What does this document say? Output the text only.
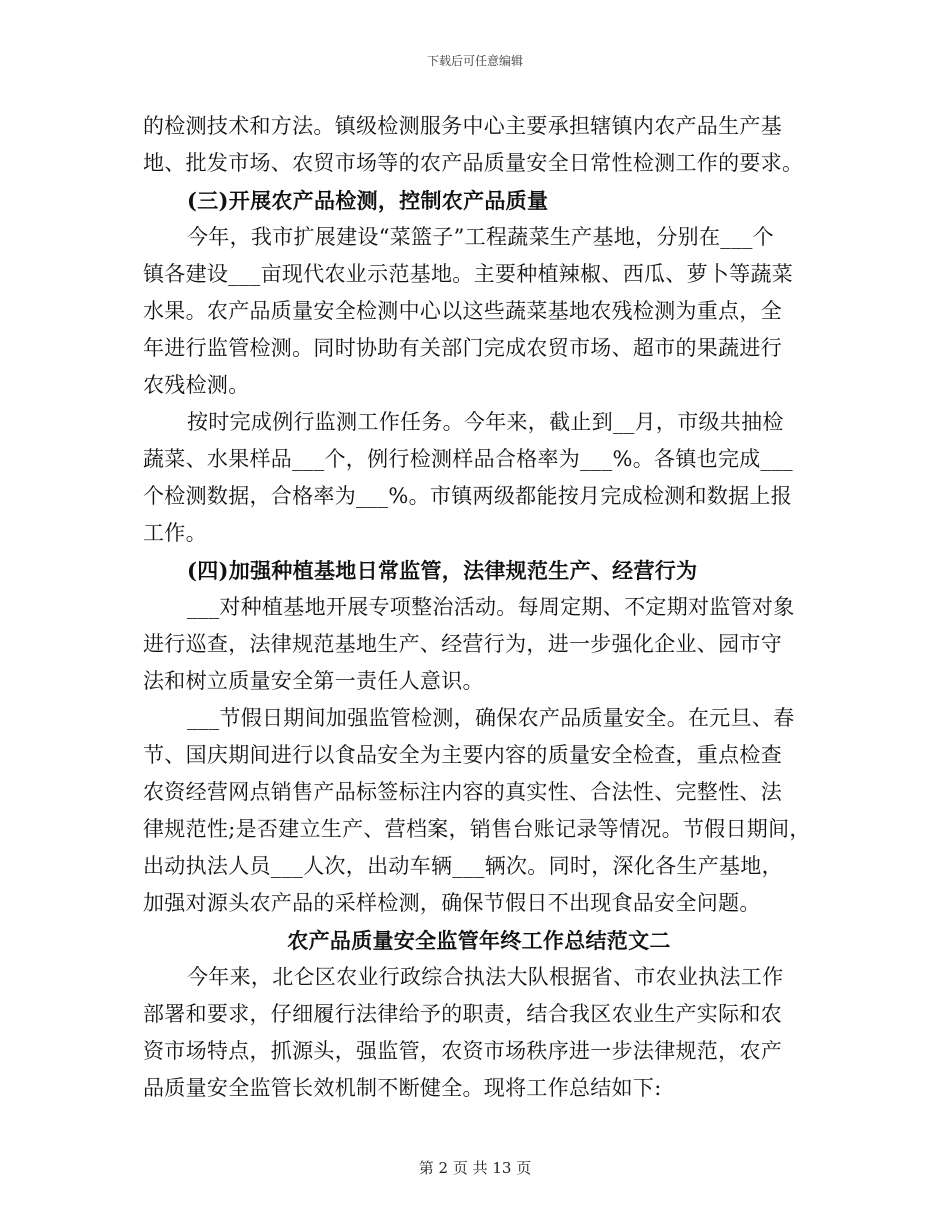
下载后可任意编辑
的检测技术和方法。镇级检测服务中心主要承担辖镇内农产品生产基
地、批发市场、农贸市场等的农产品质量安全日常性检测工作的要求。
(三)开展农产品检测，控制农产品质量
今年，我市扩展建设“菜篮子”工程蔬菜生产基地，分别在___个
镇各建设___亩现代农业示范基地。主要种植辣椒、西瓜、萝卜等蔬菜
水果。农产品质量安全检测中心以这些蔬菜基地农残检测为重点，全
年进行监管检测。同时协助有关部门完成农贸市场、超市的果蔬进行
农残检测。
按时完成例行监测工作任务。今年来，截止到__月，市级共抽检
蔬菜、水果样品___个，例行检测样品合格率为___%。各镇也完成___
个检测数据，合格率为___%。市镇两级都能按月完成检测和数据上报
工作。
(四)加强种植基地日常监管，法律规范生产、经营行为
___对种植基地开展专项整治活动。每周定期、不定期对监管对象
进行巡查，法律规范基地生产、经营行为，进一步强化企业、园市守
法和树立质量安全第一责任人意识。
___节假日期间加强监管检测，确保农产品质量安全。在元旦、春
节、国庆期间进行以食品安全为主要内容的质量安全检查，重点检查
农资经营网点销售产品标签标注内容的真实性、合法性、完整性、法
律规范性;是否建立生产、营档案，销售台账记录等情况。节假日期间，
出动执法人员___人次，出动车辆___辆次。同时，深化各生产基地，
加强对源头农产品的采样检测，确保节假日不出现食品安全问题。
农产品质量安全监管年终工作总结范文二
今年来，北仑区农业行政综合执法大队根据省、市农业执法工作
部署和要求，仔细履行法律给予的职责，结合我区农业生产实际和农
资市场特点，抓源头，强监管，农资市场秩序进一步法律规范，农产
品质量安全监管长效机制不断健全。现将工作总结如下:
第 2 页 共 13 页
